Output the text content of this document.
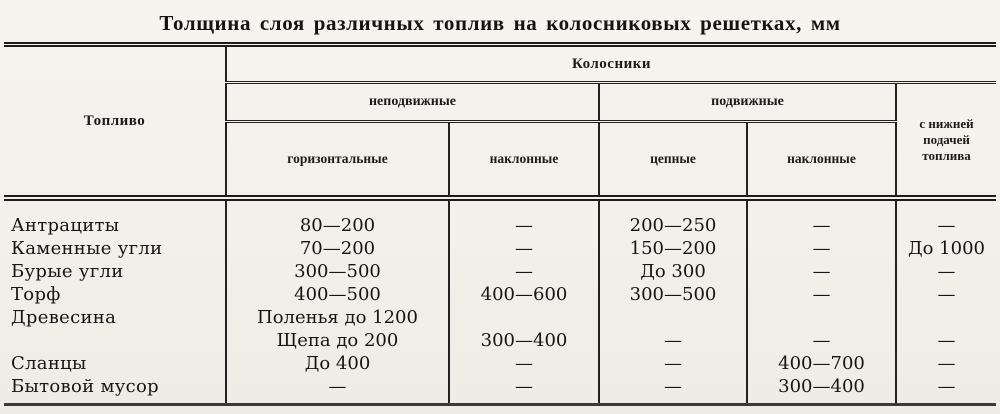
Толщина слоя различных топлив на колосниковых решетках, мм

Топливо	Колосники				
	неподвижные		подвижные		с нижней подачей топлива
	горизонтальные	наклонные	цепные	наклонные	
Антрациты	80—200	—	200—250	—	—
Каменные угли	70—200	—	150—200	—	До 1000
Бурые угли	300—500	—	До 300	—	—
Торф	400—500	400—600	300—500	—	—
Древесина	Поленья до 1200				
	Щепа до 200	300—400	—	—	—
Сланцы	До 400	—	—	400—700	—
Бытовой мусор	—	—	—	300—400	—
